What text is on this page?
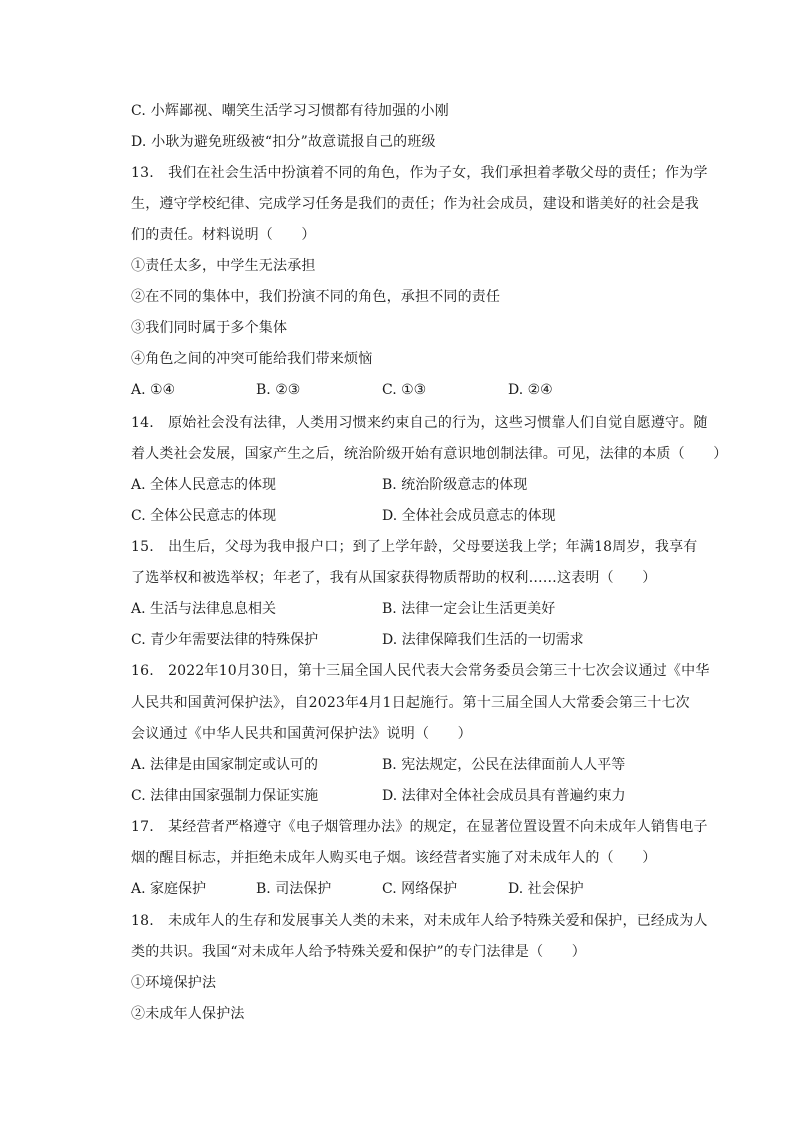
C. 小辉鄙视、嘲笑生活学习习惯都有待加强的小刚
D. 小耿为避免班级被“扣分”故意谎报自己的班级
13.　我们在社会生活中扮演着不同的角色，作为子女，我们承担着孝敬父母的责任；作为学
生，遵守学校纪律、完成学习任务是我们的责任；作为社会成员，建设和谐美好的社会是我
们的责任。材料说明（　　）
①责任太多，中学生无法承担
②在不同的集体中，我们扮演不同的角色，承担不同的责任
③我们同时属于多个集体
④角色之间的冲突可能给我们带来烦恼
A. ①④	B. ②③	C. ①③	D. ②④
14.　原始社会没有法律，人类用习惯来约束自己的行为，这些习惯靠人们自觉自愿遵守。随
着人类社会发展，国家产生之后，统治阶级开始有意识地创制法律。可见，法律的本质（　　）
A. 全体人民意志的体现	B. 统治阶级意志的体现
C. 全体公民意志的体现	D. 全体社会成员意志的体现
15.　出生后，父母为我申报户口；到了上学年龄，父母要送我上学；年满18周岁，我享有
了选举权和被选举权；年老了，我有从国家获得物质帮助的权利……这表明（　　）
A. 生活与法律息息相关	B. 法律一定会让生活更美好
C. 青少年需要法律的特殊保护	D. 法律保障我们生活的一切需求
16.　2022年10月30日，第十三届全国人民代表大会常务委员会第三十七次会议通过《中华
人民共和国黄河保护法》，自2023年4月1日起施行。第十三届全国人大常委会第三十七次
会议通过《中华人民共和国黄河保护法》说明（　　）
A. 法律是由国家制定或认可的	B. 宪法规定，公民在法律面前人人平等
C. 法律由国家强制力保证实施	D. 法律对全体社会成员具有普遍约束力
17.　某经营者严格遵守《电子烟管理办法》的规定，在显著位置设置不向未成年人销售电子
烟的醒目标志，并拒绝未成年人购买电子烟。该经营者实施了对未成年人的（　　）
A. 家庭保护	B. 司法保护	C. 网络保护	D. 社会保护
18.　未成年人的生存和发展事关人类的未来，对未成年人给予特殊关爱和保护，已经成为人
类的共识。我国“对未成年人给予特殊关爱和保护”的专门法律是（　　）
①环境保护法
②未成年人保护法
